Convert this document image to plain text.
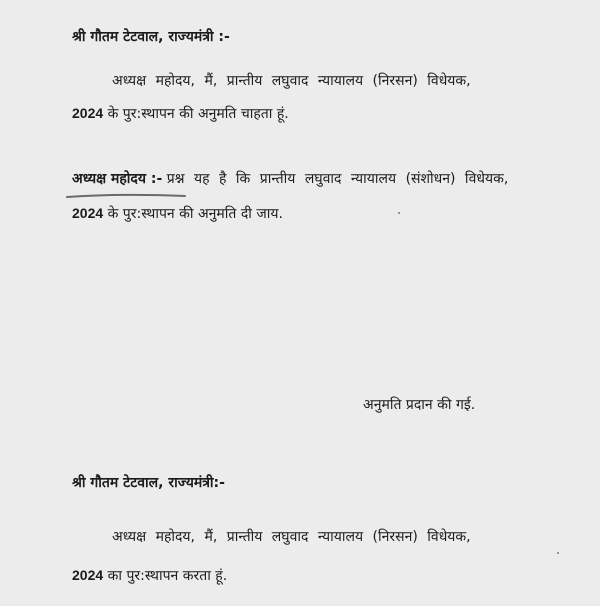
श्री गौतम टेटवाल, राज्यमंत्री :-
अध्यक्ष महोदय, मैं, प्रान्तीय लघुवाद न्यायालय (निरसन) विधेयक,
2024 के पुर:स्थापन की अनुमति चाहता हूं.
अध्यक्ष महोदय :- प्रश्न यह है कि प्रान्तीय लघुवाद न्यायालय (संशोधन) विधेयक,
2024 के पुर:स्थापन की अनुमति दी जाय.
अनुमति प्रदान की गई.
श्री गौतम टेटवाल, राज्यमंत्री:-
अध्यक्ष महोदय, मैं, प्रान्तीय लघुवाद न्यायालय (निरसन) विधेयक,
2024 का पुर:स्थापन करता हूं.
